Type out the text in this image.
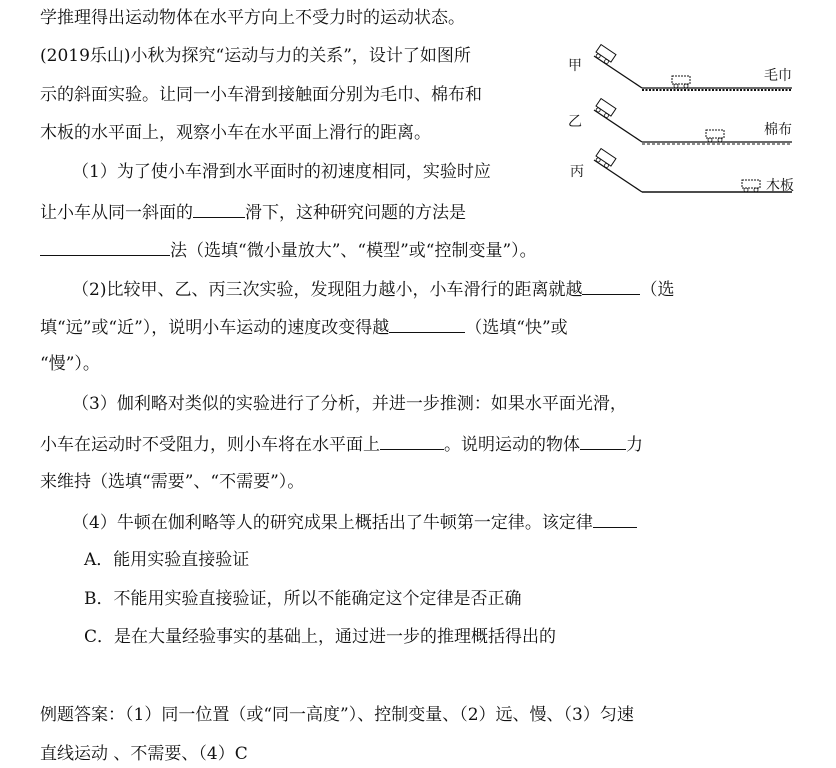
学推理得出运动物体在水平方向上不受力时的运动状态。
(2019乐山)小秋为探究“运动与力的关系”，设计了如图所
示的斜面实验。让同一小车滑到接触面分别为毛巾、棉布和
木板的水平面上，观察小车在水平面上滑行的距离。
（1）为了使小车滑到水平面时的初速度相同，实验时应
让小车从同一斜面的	滑下，这种研究问题的方法是
法（选填“微小量放大”、“模型”或“控制变量”）。
（2)比较甲、乙、丙三次实验，发现阻力越小，小车滑行的距离就越	（选
填“远”或“近”），说明小车运动的速度改变得越	（选填“快”或
“慢”）。
（3）伽利略对类似的实验进行了分析，并进一步推测：如果水平面光滑，
小车在运动时不受阻力，则小车将在水平面上	。说明运动的物体	力
来维持（选填“需要”、“不需要”）。
（4）牛顿在伽利略等人的研究成果上概括出了牛顿第一定律。该定律
A．能用实验直接验证
B．不能用实验直接验证，所以不能确定这个定律是否正确
C．是在大量经验事实的基础上，通过进一步的推理概括得出的
例题答案：（1）同一位置（或“同一高度”）、控制变量、（2）远、慢、（3）匀速
直线运动 、不需要、（4）C
甲
毛巾
乙	棉布
丙
木板
